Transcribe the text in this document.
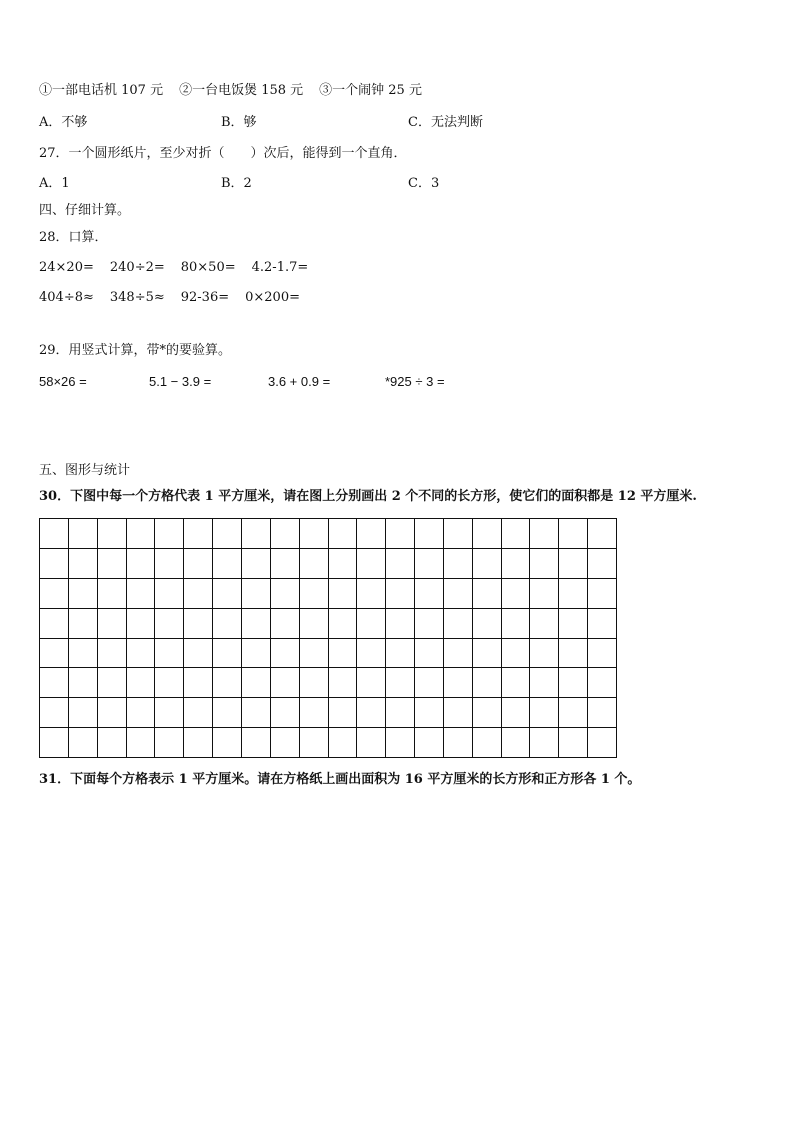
①一部电话机 107 元 ②一台电饭煲 158 元 ③一个闹钟 25 元
A．不够	B．够	C．无法判断
27．一个圆形纸片，至少对折（　　）次后，能得到一个直角．
A．1	B．2	C．3
四、仔细计算。
28．口算．
24×20= 240÷2= 80×50= 4.2-1.7=
404÷8≈ 348÷5≈ 92-36= 0×200=
29．用竖式计算，带*的要验算。
58×26 =	5.1 − 3.9 =	3.6 + 0.9 =	*925 ÷ 3 =
五、图形与统计
30．下图中每一个方格代表 1 平方厘米，请在图上分别画出 2 个不同的长方形，使它们的面积都是 12 平方厘米.
31．下面每个方格表示 1 平方厘米。请在方格纸上画出面积为 16 平方厘米的长方形和正方形各 1 个。
